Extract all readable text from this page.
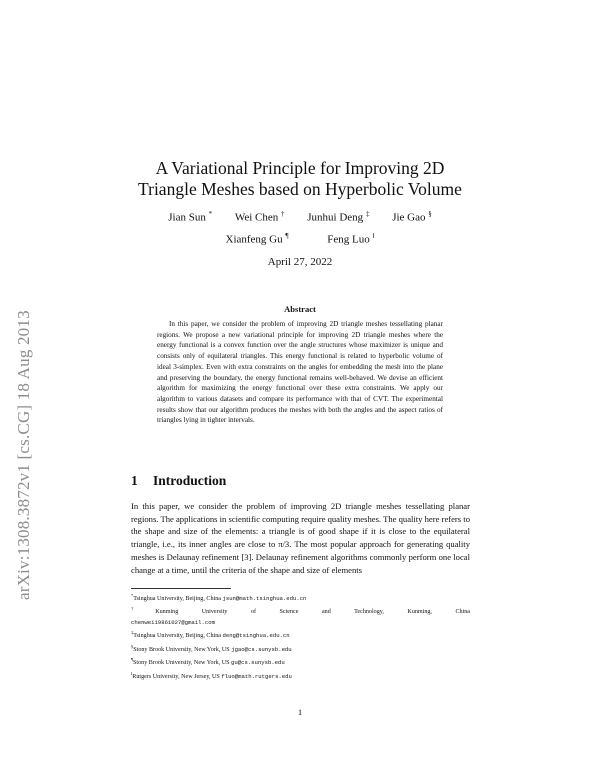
arXiv:1308.3872v1 [cs.CG] 18 Aug 2013
A Variational Principle for Improving 2D
Triangle Meshes based on Hyperbolic Volume
Jian Sun * Wei Chen † Junhui Deng ‡ Jie Gao §
Xianfeng Gu ¶	Feng Luo ‖
April 27, 2022
Abstract
In this paper, we consider the problem of improving 2D triangle meshes tessellating planar regions. We propose a new variational principle for improving 2D triangle meshes where the energy functional is a convex function over the angle structures whose maximizer is unique and consists only of equilateral triangles. This energy functional is related to hyperbolic volume of ideal 3-simplex. Even with extra constraints on the angles for embedding the mesh into the plane and preserving the boundary, the energy functional remains well-behaved. We devise an efficient algorithm for maximizing the energy functional over these extra constraints. We apply our algorithm to various datasets and compare its performance with that of CVT. The experimental results show that our algorithm produces the meshes with both the angles and the aspect ratios of triangles lying in tighter intervals.
1 Introduction
In this paper, we consider the problem of improving 2D triangle meshes tessellating planar regions. The applications in scientific computing require quality meshes. The quality here refers to the shape and size of the elements: a triangle is of good shape if it is close to the equilateral triangle, i.e., its inner angles are close to π/3. The most popular approach for generating quality meshes is Delaunay refinement [3]. Delaunay refinement algorithms commonly perform one local change at a time, until the criteria of the shape and size of elements
*Tsinghua University, Beijing, China jsun@math.tsinghua.edu.cn
†Kunming University of Science and Technology, Kunming, China
chenwei19861027@gmail.com
‡Tsinghua University, Beijing, China deng@tsinghua.edu.cn
§Stony Brook University, New York, US jgao@cs.sunysb.edu
¶Stony Brook University, New York, US gu@cs.sunysb.edu
‖Rutgers University, New Jersey, US fluo@math.rutgers.edu
1
